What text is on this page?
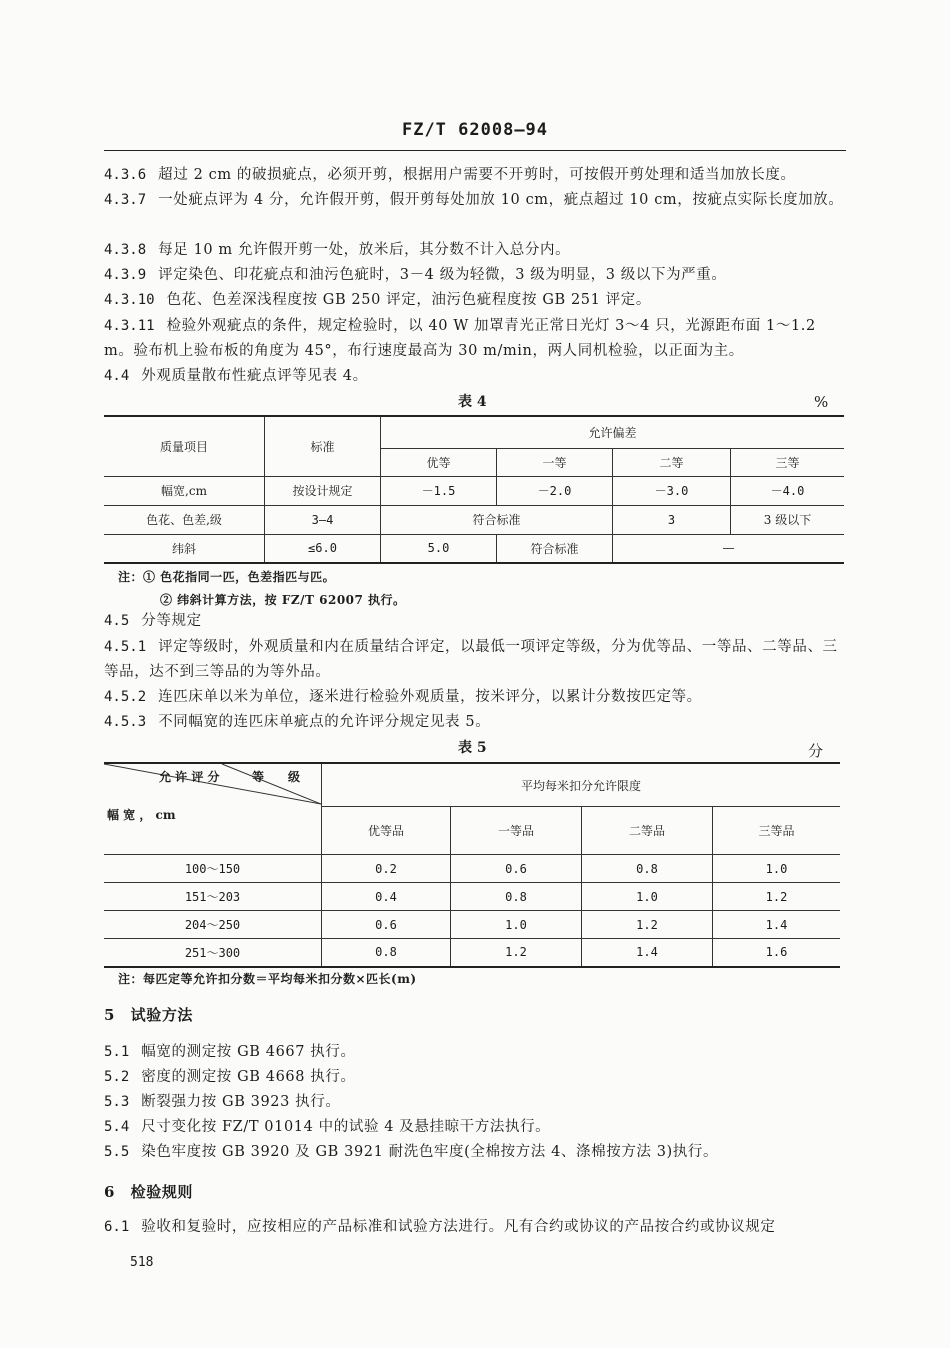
FZ/T 62008—94
4.3.6 超过 2 cm 的破损疵点，必须开剪，根据用户需要不开剪时，可按假开剪处理和适当加放长度。
4.3.7 一处疵点评为 4 分，允许假开剪，假开剪每处加放 10 cm，疵点超过 10 cm，按疵点实际长度加放。
4.3.8 每足 10 m 允许假开剪一处，放米后，其分数不计入总分内。
4.3.9 评定染色、印花疵点和油污色疵时，3－4 级为轻微，3 级为明显，3 级以下为严重。
4.3.10 色花、色差深浅程度按 GB 250 评定，油污色疵程度按 GB 251 评定。
4.3.11 检验外观疵点的条件，规定检验时，以 40 W 加罩青光正常日光灯 3～4 只，光源距布面 1～1.2 m。验布机上验布板的角度为 45°，布行速度最高为 30 m/min，两人同机检验，以正面为主。
4.4 外观质量散布性疵点评等见表 4。
表 4	%
质量项目	标准	允许偏差			
		优等	一等	二等	三等
幅宽,cm	按设计规定	－1.5	－2.0	－3.0	－4.0
色花、色差,级	3—4	符合标准		3	3 级以下
纬斜	≤6.0	5.0	符合标准	—	
注：① 色花指同一匹，色差指匹与匹。
② 纬斜计算方法，按 FZ/T 62007 执行。
4.5 分等规定
4.5.1 评定等级时，外观质量和内在质量结合评定，以最低一项评定等级，分为优等品、一等品、二等品、三等品，达不到三等品的为等外品。
4.5.2 连匹床单以米为单位，逐米进行检验外观质量，按米评分，以累计分数按匹定等。
4.5.3 不同幅宽的连匹床单疵点的允许评分规定见表 5。
表 5	分
允 许 评 分 等　　级
幅 宽 ， cm	平均每米扣分允许限度			
	优等品	一等品	二等品	三等品
100～150	0.2	0.6	0.8	1.0
151～203	0.4	0.8	1.0	1.2
204～250	0.6	1.0	1.2	1.4
251～300	0.8	1.2	1.4	1.6
注：每匹定等允许扣分数＝平均每米扣分数×匹长(m)
5　试验方法
5.1 幅宽的测定按 GB 4667 执行。
5.2 密度的测定按 GB 4668 执行。
5.3 断裂强力按 GB 3923 执行。
5.4 尺寸变化按 FZ/T 01014 中的试验 4 及悬挂晾干方法执行。
5.5 染色牢度按 GB 3920 及 GB 3921 耐洗色牢度(全棉按方法 4、涤棉按方法 3)执行。
6　检验规则
6.1 验收和复验时，应按相应的产品标准和试验方法进行。凡有合约或协议的产品按合约或协议规定
518
